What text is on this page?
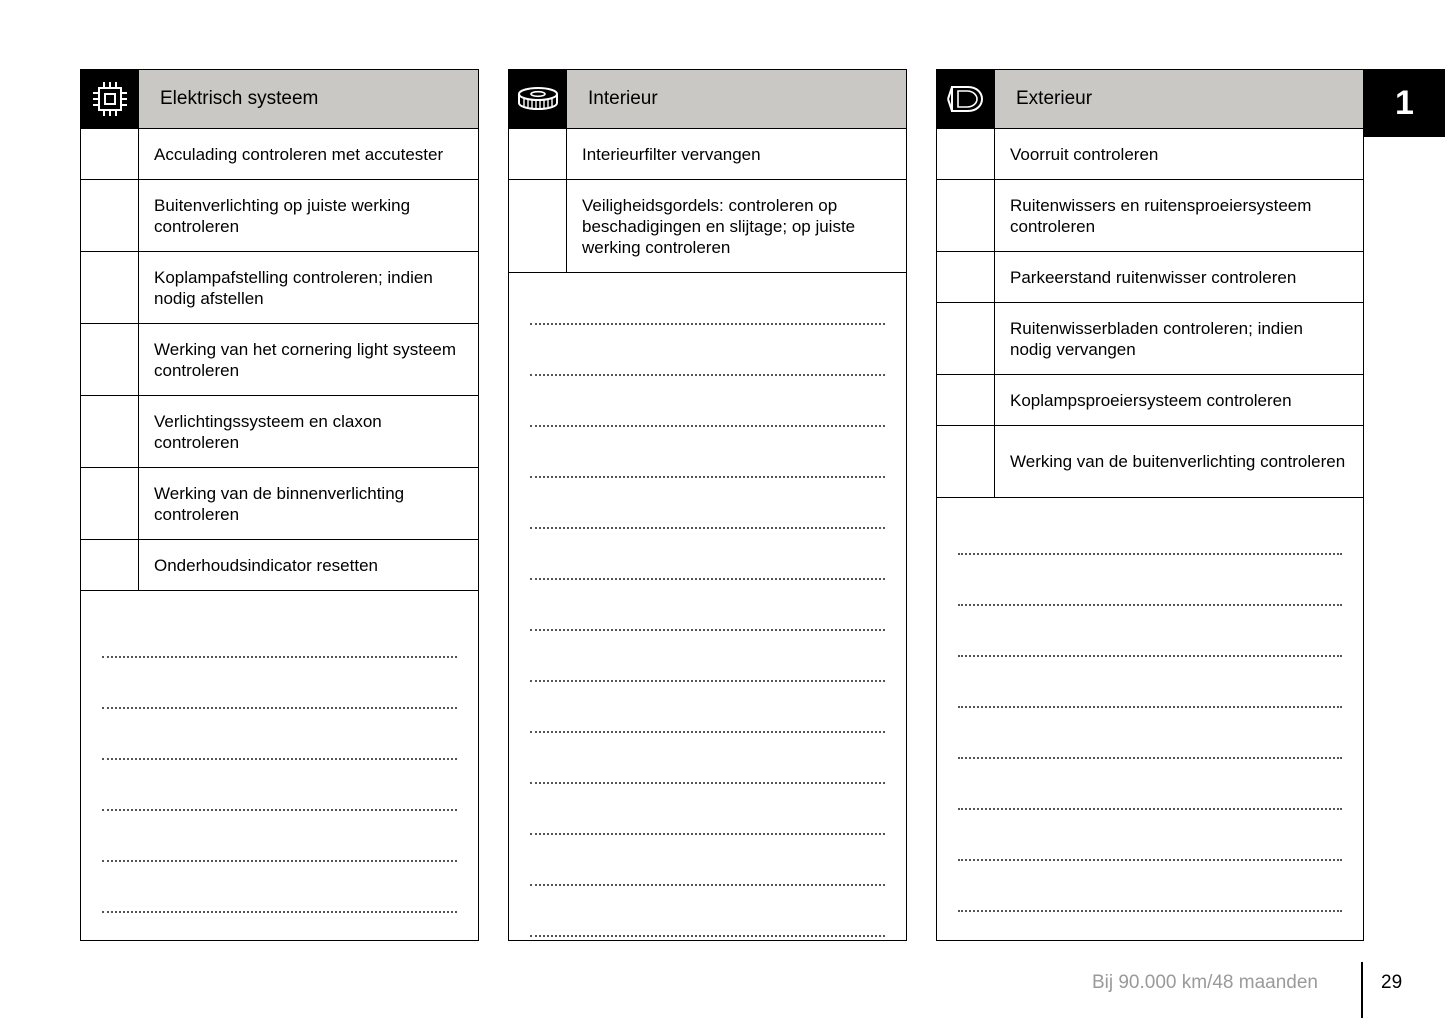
Elektrisch systeem
Acculading controleren met accutester
Buitenverlichting op juiste werking controleren
Koplampafstelling controleren; indien nodig afstellen
Werking van het cornering light systeem controleren
Verlichtingssysteem en claxon controleren
Werking van de binnenverlichting controleren
Onderhoudsindicator resetten
Interieur
Interieurfilter vervangen
Veiligheidsgordels: controleren op beschadigingen en slijtage; op juiste werking controleren
Exterieur
Voorruit controleren
Ruitenwissers en ruitensproeiersysteem controleren
Parkeerstand ruitenwisser controleren
Ruitenwisserbladen controleren; indien nodig vervangen
Koplampsproeiersysteem controleren
Werking van de buitenverlichting controleren
1
Bij 90.000 km/48 maanden	29
